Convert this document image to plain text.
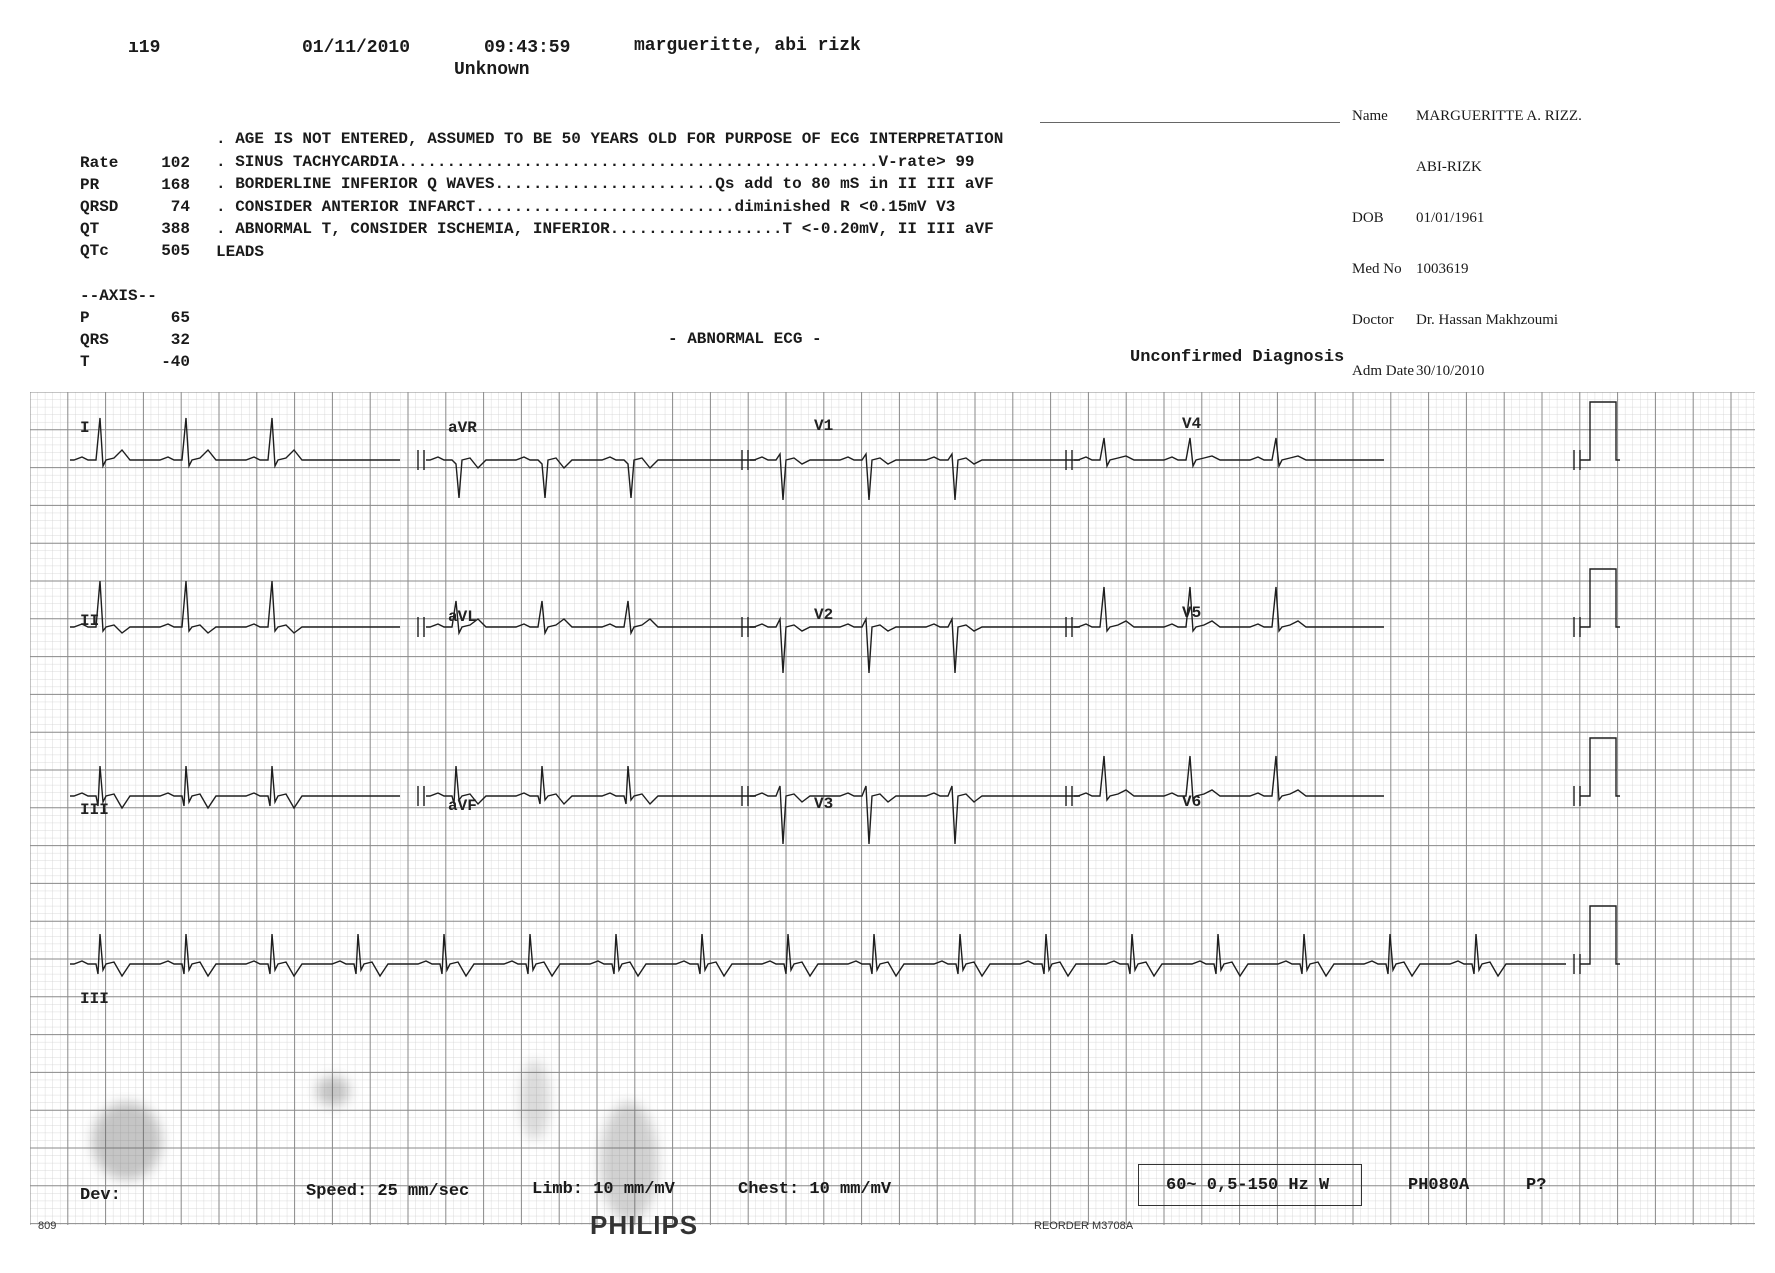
ı19	01/11/2010	09:43:59	margueritte, abi rizk
Unknown

Name MARGUERITTE A. RIZZ.

ABI-RIZK

DOB 01/01/1961

Med No 1003619

Doctor Dr. Hassan Makhzoumi

Adm Date 30/10/2010

Rate	102
PR	168
QRSD	74
QT	388
QTc	505
--AXIS--
P	65
QRS	32
T	-40
. AGE IS NOT ENTERED, ASSUMED TO BE 50 YEARS OLD FOR PURPOSE OF ECG INTERPRETATION
. SINUS TACHYCARDIA..................................................V-rate> 99
. BORDERLINE INFERIOR Q WAVES.......................Qs add to 80 mS in II III aVF
. CONSIDER ANTERIOR INFARCT...........................diminished R <0.15mV V3
. ABNORMAL T, CONSIDER ISCHEMIA, INFERIOR..................T <-0.20mV, II III aVF
LEADS
- ABNORMAL ECG -
Unconfirmed Diagnosis
I	aVR	V1	V4
II	aVL	V2	V5
III	aVF	V3	V6
III
Dev:	Speed: 25 mm/sec	Limb: 10 mm/mV	Chest: 10 mm/mV	60~ 0,5-150 Hz W	PH080A	P?
809	PHILIPS	REORDER M3708A
